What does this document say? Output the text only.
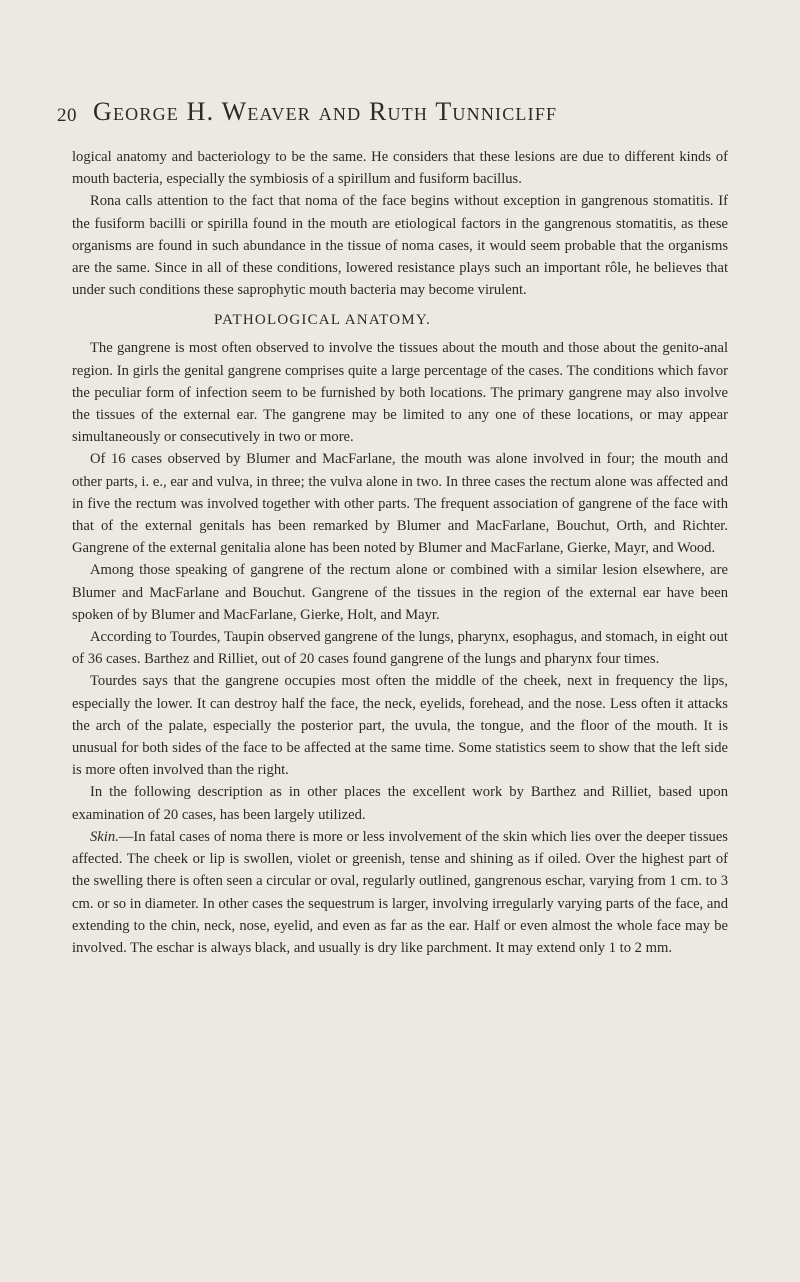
20 George H. Weaver and Ruth Tunnicliff

logical anatomy and bacteriology to be the same. He considers that these lesions are due to different kinds of mouth bacteria, especially the symbiosis of a spirillum and fusiform bacillus.

Rona calls attention to the fact that noma of the face begins without exception in gangrenous stomatitis. If the fusiform bacilli or spirilla found in the mouth are etiological factors in the gangrenous stomatitis, as these organisms are found in such abundance in the tissue of noma cases, it would seem probable that the organisms are the same. Since in all of these conditions, lowered resistance plays such an important rôle, he believes that under such conditions these saprophytic mouth bacteria may become virulent.

PATHOLOGICAL ANATOMY.

The gangrene is most often observed to involve the tissues about the mouth and those about the genito-anal region. In girls the genital gangrene comprises quite a large percentage of the cases. The conditions which favor the peculiar form of infection seem to be furnished by both locations. The primary gangrene may also involve the tissues of the external ear. The gangrene may be limited to any one of these locations, or may appear simultaneously or consecutively in two or more.

Of 16 cases observed by Blumer and MacFarlane, the mouth was alone involved in four; the mouth and other parts, i. e., ear and vulva, in three; the vulva alone in two. In three cases the rectum alone was affected and in five the rectum was involved together with other parts. The frequent association of gangrene of the face with that of the external genitals has been remarked by Blumer and MacFarlane, Bouchut, Orth, and Richter. Gangrene of the external genitalia alone has been noted by Blumer and MacFarlane, Gierke, Mayr, and Wood.

Among those speaking of gangrene of the rectum alone or combined with a similar lesion elsewhere, are Blumer and MacFarlane and Bouchut. Gangrene of the tissues in the region of the external ear have been spoken of by Blumer and MacFarlane, Gierke, Holt, and Mayr.

According to Tourdes, Taupin observed gangrene of the lungs, pharynx, esophagus, and stomach, in eight out of 36 cases. Barthez and Rilliet, out of 20 cases found gangrene of the lungs and pharynx four times.

Tourdes says that the gangrene occupies most often the middle of the cheek, next in frequency the lips, especially the lower. It can destroy half the face, the neck, eyelids, forehead, and the nose. Less often it attacks the arch of the palate, especially the posterior part, the uvula, the tongue, and the floor of the mouth. It is unusual for both sides of the face to be affected at the same time. Some statistics seem to show that the left side is more often involved than the right.

In the following description as in other places the excellent work by Barthez and Rilliet, based upon examination of 20 cases, has been largely utilized.

Skin.—In fatal cases of noma there is more or less involvement of the skin which lies over the deeper tissues affected. The cheek or lip is swollen, violet or greenish, tense and shining as if oiled. Over the highest part of the swelling there is often seen a circular or oval, regularly outlined, gangrenous eschar, varying from 1 cm. to 3 cm. or so in diameter. In other cases the sequestrum is larger, involving irregularly varying parts of the face, and extending to the chin, neck, nose, eyelid, and even as far as the ear. Half or even almost the whole face may be involved. The eschar is always black, and usually is dry like parchment. It may extend only 1 to 2 mm.
